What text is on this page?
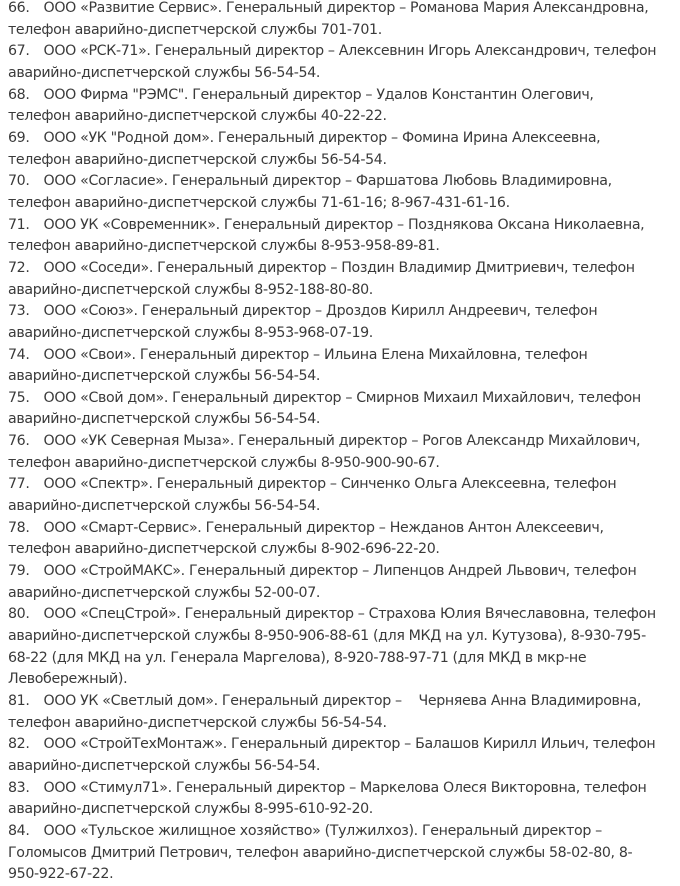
66. ООО «Развитие Сервис». Генеральный директор – Романова Мария Александровна,
телефон аварийно-диспетчерской службы 701-701.
67. ООО «РСК-71». Генеральный директор – Алексевнин Игорь Александрович, телефон
аварийно-диспетчерской службы 56-54-54.
68. ООО Фирма "РЭМС". Генеральный директор – Удалов Константин Олегович,
телефон аварийно-диспетчерской службы 40-22-22.
69. ООО «УК "Родной дом». Генеральный директор – Фомина Ирина Алексеевна,
телефон аварийно-диспетчерской службы 56-54-54.
70. ООО «Согласие». Генеральный директор – Фаршатова Любовь Владимировна,
телефон аварийно-диспетчерской службы 71-61-16; 8-967-431-61-16.
71. ООО УК «Современник». Генеральный директор – Позднякова Оксана Николаевна,
телефон аварийно-диспетчерской службы 8-953-958-89-81.
72. ООО «Соседи». Генеральный директор – Поздин Владимир Дмитриевич, телефон
аварийно-диспетчерской службы 8-952-188-80-80.
73. ООО «Союз». Генеральный директор – Дроздов Кирилл Андреевич, телефон
аварийно-диспетчерской службы 8-953-968-07-19.
74. ООО «Свои». Генеральный директор – Ильина Елена Михайловна, телефон
аварийно-диспетчерской службы 56-54-54.
75. ООО «Свой дом». Генеральный директор – Смирнов Михаил Михайлович, телефон
аварийно-диспетчерской службы 56-54-54.
76. ООО «УК Северная Мыза». Генеральный директор – Рогов Александр Михайлович,
телефон аварийно-диспетчерской службы 8-950-900-90-67.
77. ООО «Спектр». Генеральный директор – Синченко Ольга Алексеевна, телефон
аварийно-диспетчерской службы 56-54-54.
78. ООО «Смарт-Сервис». Генеральный директор – Нежданов Антон Алексеевич,
телефон аварийно-диспетчерской службы 8-902-696-22-20.
79. ООО «СтройМАКС». Генеральный директор – Липенцов Андрей Львович, телефон
аварийно-диспетчерской службы 52-00-07.
80. ООО «СпецСтрой». Генеральный директор – Страхова Юлия Вячеславовна, телефон
аварийно-диспетчерской службы 8-950-906-88-61 (для МКД на ул. Кутузова), 8-930-795-
68-22 (для МКД на ул. Генерала Маргелова), 8-920-788-97-71 (для МКД в мкр-не
Левобережный).
81. ООО УК «Светлый дом». Генеральный директор –    Черняева Анна Владимировна,
телефон аварийно-диспетчерской службы 56-54-54.
82. ООО «СтройТехМонтаж». Генеральный директор – Балашов Кирилл Ильич, телефон
аварийно-диспетчерской службы 56-54-54.
83. ООО «Стимул71». Генеральный директор – Маркелова Олеся Викторовна, телефон
аварийно-диспетчерской службы 8-995-610-92-20.
84. ООО «Тульское жилищное хозяйство» (Тулжилхоз). Генеральный директор –
Голомысов Дмитрий Петрович, телефон аварийно-диспетчерской службы 58-02-80, 8-
950-922-67-22.
